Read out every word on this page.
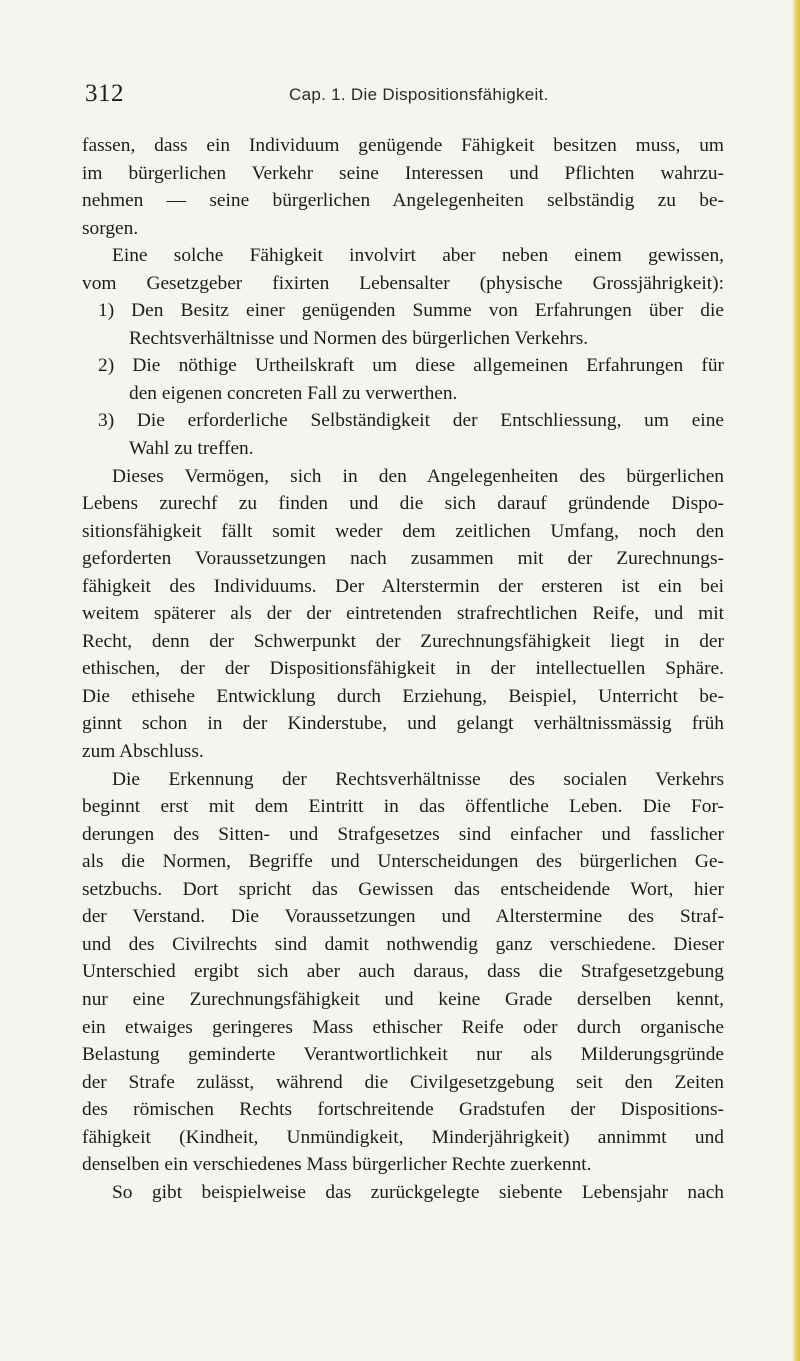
312	Cap. 1. Die Dispositionsfähigkeit.
fassen, dass ein Individuum genügende Fähigkeit besitzen muss, um
im bürgerlichen Verkehr seine Interessen und Pflichten wahrzu-
nehmen — seine bürgerlichen Angelegenheiten selbständig zu be-
sorgen.
Eine solche Fähigkeit involvirt aber neben einem gewissen,
vom Gesetzgeber fixirten Lebensalter (physische Grossjährigkeit):
1) Den Besitz einer genügenden Summe von Erfahrungen über die
Rechtsverhältnisse und Normen des bürgerlichen Verkehrs.
2) Die nöthige Urtheilskraft um diese allgemeinen Erfahrungen für
den eigenen concreten Fall zu verwerthen.
3) Die erforderliche Selbständigkeit der Entschliessung, um eine
Wahl zu treffen.
Dieses Vermögen, sich in den Angelegenheiten des bürgerlichen
Lebens zurechf zu finden und die sich darauf gründende Dispo-
sitionsfähigkeit fällt somit weder dem zeitlichen Umfang, noch den
geforderten Voraussetzungen nach zusammen mit der Zurechnungs-
fähigkeit des Individuums. Der Alterstermin der ersteren ist ein bei
weitem späterer als der der eintretenden strafrechtlichen Reife, und mit
Recht, denn der Schwerpunkt der Zurechnungsfähigkeit liegt in der
ethischen, der der Dispositionsfähigkeit in der intellectuellen Sphäre.
Die ethisehe Entwicklung durch Erziehung, Beispiel, Unterricht be-
ginnt schon in der Kinderstube, und gelangt verhältnissmässig früh
zum Abschluss.
Die Erkennung der Rechtsverhältnisse des socialen Verkehrs
beginnt erst mit dem Eintritt in das öffentliche Leben. Die For-
derungen des Sitten- und Strafgesetzes sind einfacher und fasslicher
als die Normen, Begriffe und Unterscheidungen des bürgerlichen Ge-
setzbuchs. Dort spricht das Gewissen das entscheidende Wort, hier
der Verstand. Die Voraussetzungen und Alterstermine des Straf-
und des Civilrechts sind damit nothwendig ganz verschiedene. Dieser
Unterschied ergibt sich aber auch daraus, dass die Strafgesetzgebung
nur eine Zurechnungsfähigkeit und keine Grade derselben kennt,
ein etwaiges geringeres Mass ethischer Reife oder durch organische
Belastung geminderte Verantwortlichkeit nur als Milderungsgründe
der Strafe zulässt, während die Civilgesetzgebung seit den Zeiten
des römischen Rechts fortschreitende Gradstufen der Dispositions-
fähigkeit (Kindheit, Unmündigkeit, Minderjährigkeit) annimmt und
denselben ein verschiedenes Mass bürgerlicher Rechte zuerkennt.
So gibt beispielweise das zurückgelegte siebente Lebensjahr nach
